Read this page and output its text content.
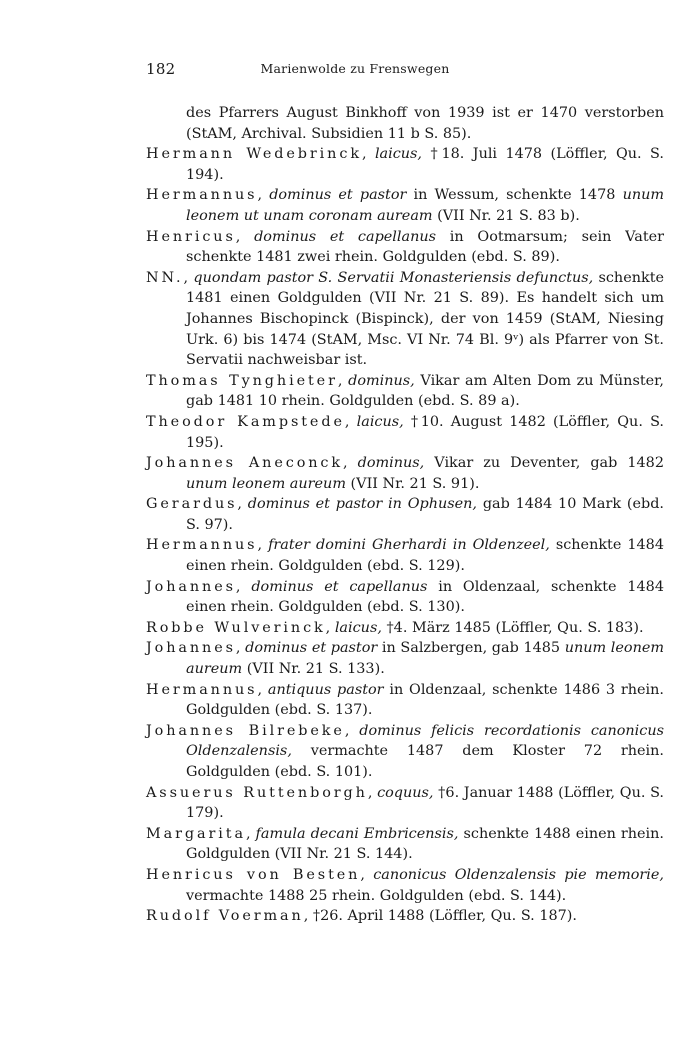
182	Marienwolde zu Frenswegen

des Pfarrers August Binkhoff von 1939 ist er 1470 verstorben (StAM, Archival. Subsidien 11 b S. 85).

Hermann Wedebrinck, laicus, †18. Juli 1478 (Löffler, Qu. S. 194).

Hermannus, dominus et pastor in Wessum, schenkte 1478 unum leonem ut unam coronam auream (VII Nr. 21 S. 83 b).

Henricus, dominus et capellanus in Ootmarsum; sein Vater schenkte 1481 zwei rhein. Goldgulden (ebd. S. 89).

NN., quondam pastor S. Servatii Monasteriensis defunctus, schenkte 1481 einen Goldgulden (VII Nr. 21 S. 89). Es handelt sich um Johannes Bischopinck (Bispinck), der von 1459 (StAM, Niesing Urk. 6) bis 1474 (StAM, Msc. VI Nr. 74 Bl. 9ᵛ) als Pfarrer von St. Servatii nachweisbar ist.

Thomas Tynghieter, dominus, Vikar am Alten Dom zu Münster, gab 1481 10 rhein. Goldgulden (ebd. S. 89 a).

Theodor Kampstede, laicus, †10. August 1482 (Löffler, Qu. S. 195).

Johannes Aneconck, dominus, Vikar zu Deventer, gab 1482 unum leonem aureum (VII Nr. 21 S. 91).

Gerardus, dominus et pastor in Ophusen, gab 1484 10 Mark (ebd. S. 97).

Hermannus, frater domini Gherhardi in Oldenzeel, schenkte 1484 einen rhein. Goldgulden (ebd. S. 129).

Johannes, dominus et capellanus in Oldenzaal, schenkte 1484 einen rhein. Goldgulden (ebd. S. 130).

Robbe Wulverinck, laicus, †4. März 1485 (Löffler, Qu. S. 183).

Johannes, dominus et pastor in Salzbergen, gab 1485 unum leonem aureum (VII Nr. 21 S. 133).

Hermannus, antiquus pastor in Oldenzaal, schenkte 1486 3 rhein. Goldgulden (ebd. S. 137).

Johannes Bilrebeke, dominus felicis recordationis canonicus Oldenzalensis, vermachte 1487 dem Kloster 72 rhein. Goldgulden (ebd. S. 101).

Assuerus Ruttenborgh, coquus, †6. Januar 1488 (Löffler, Qu. S. 179).

Margarita, famula decani Embricensis, schenkte 1488 einen rhein. Goldgulden (VII Nr. 21 S. 144).

Henricus von Besten, canonicus Oldenzalensis pie memorie, vermachte 1488 25 rhein. Goldgulden (ebd. S. 144).

Rudolf Voerman, †26. April 1488 (Löffler, Qu. S. 187).
